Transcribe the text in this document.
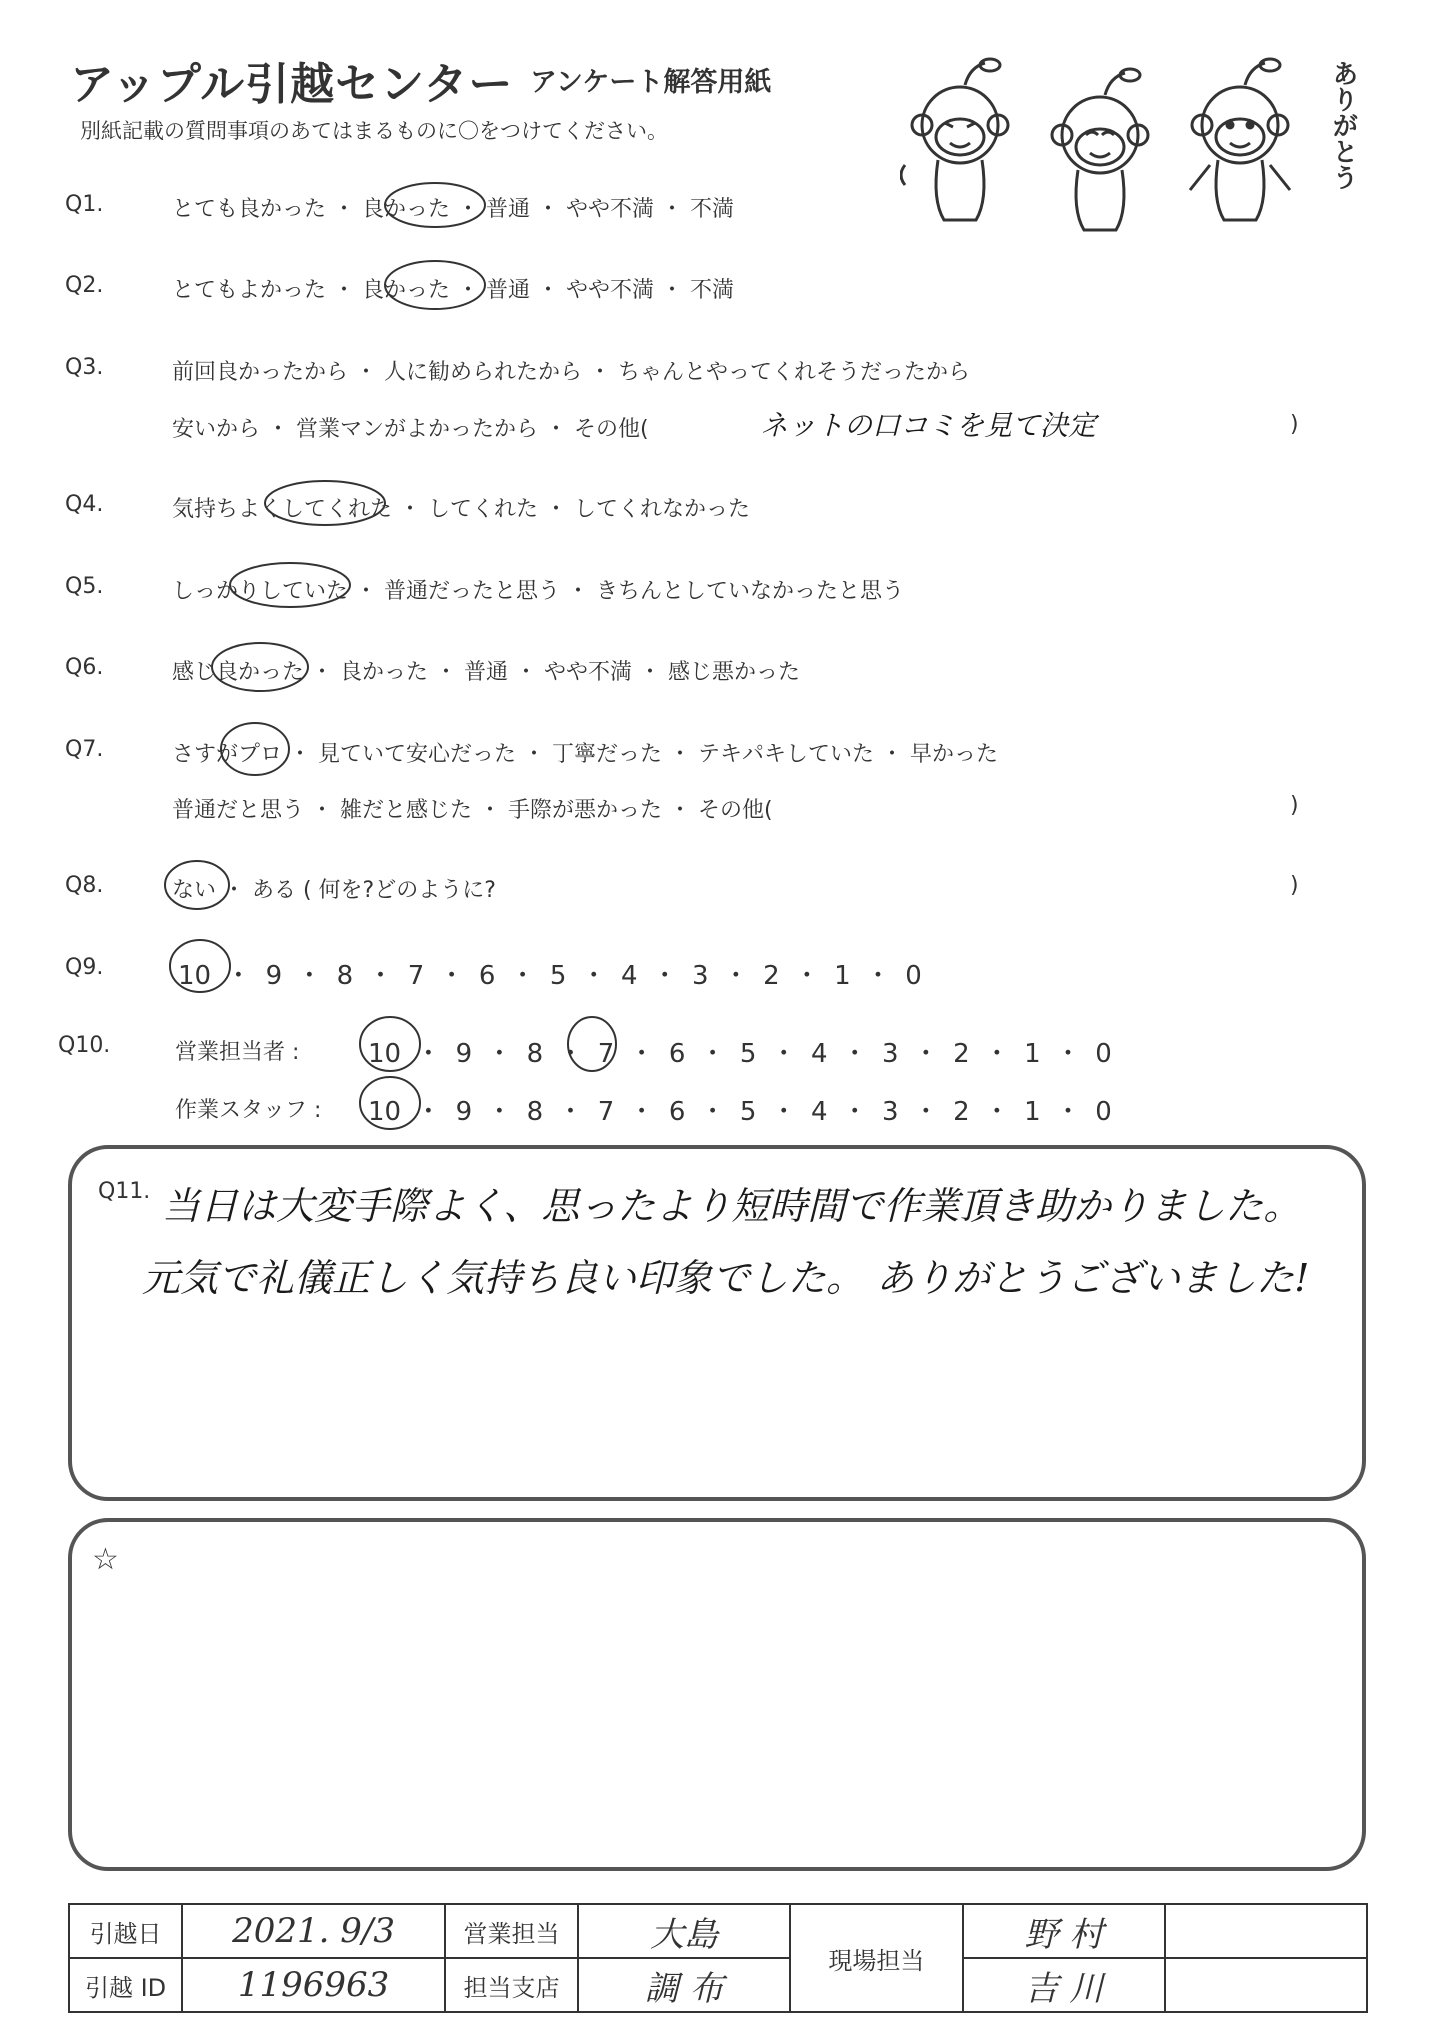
アップル引越センター アンケート解答用紙
別紙記載の質問事項のあてはまるものに〇をつけてください。	ありがとう
Q1.	とても良かった ・ 良かった ・ 普通 ・ やや不満 ・ 不満
Q2.	とてもよかった ・ 良かった ・ 普通 ・ やや不満 ・ 不満
Q3.	前回良かったから ・ 人に勧められたから ・ ちゃんとやってくれそうだったから
安いから ・ 営業マンがよかったから ・ その他(	ネットの口コミを見て決定	)
Q4.	気持ちよくしてくれた ・ してくれた ・ してくれなかった
Q5.	しっかりしていた ・ 普通だったと思う ・ きちんとしていなかったと思う
Q6.	感じ良かった ・ 良かった ・ 普通 ・ やや不満 ・ 感じ悪かった
Q7.	さすがプロ ・ 見ていて安心だった ・ 丁寧だった ・ テキパキしていた ・ 早かった
普通だと思う ・ 雑だと感じた ・ 手際が悪かった ・ その他(	)
Q8.	ない ・ ある ( 何を?どのように?	)
Q9.	10 ・ 9 ・ 8 ・ 7 ・ 6 ・ 5 ・ 4 ・ 3 ・ 2 ・ 1 ・ 0
Q10.	営業担当者 :	10 ・ 9 ・ 8 ・ 7 ・ 6 ・ 5 ・ 4 ・ 3 ・ 2 ・ 1 ・ 0
作業スタッフ : 10 ・ 9 ・ 8 ・ 7 ・ 6 ・ 5 ・ 4 ・ 3 ・ 2 ・ 1 ・ 0
Q11. 当日は大変手際よく、思ったより短時間で作業頂き助かりました。
元気で礼儀正しく気持ち良い印象でした。 ありがとうございました!
☆
引越日	2021. 9/3	営業担当	大島	現場担当	野 村	
引越 ID	1196963	担当支店	調 布		吉 川	
